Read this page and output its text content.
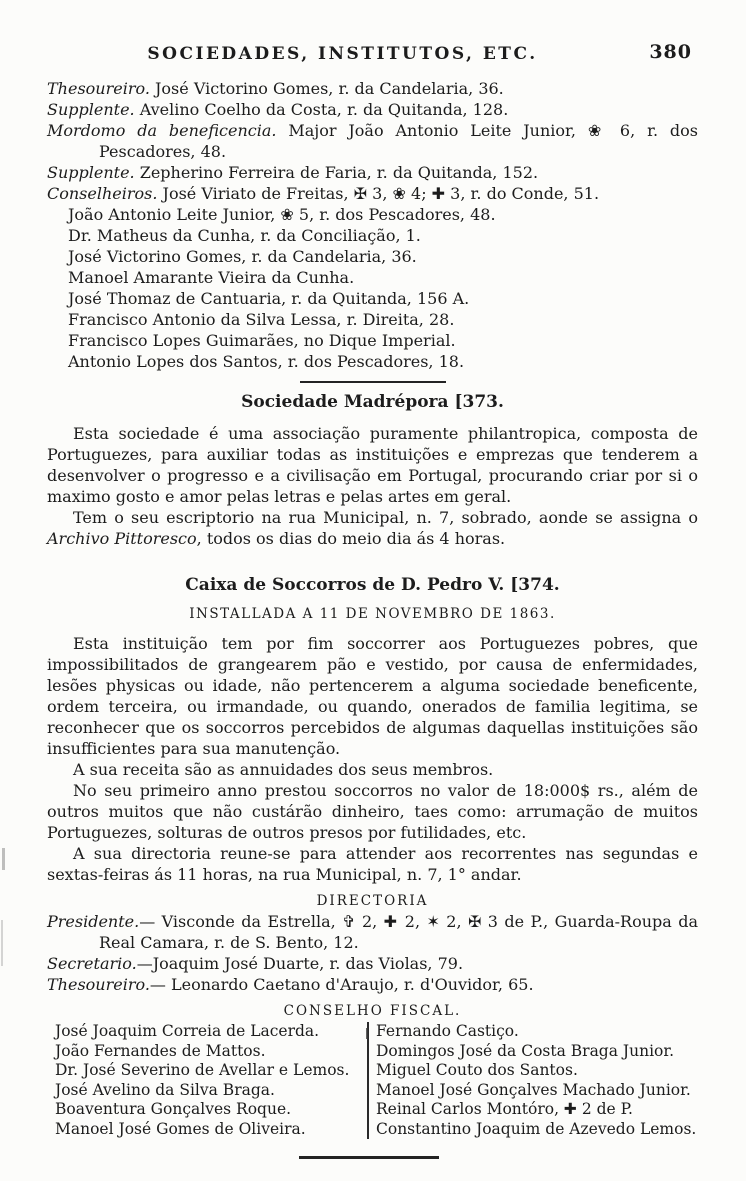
SOCIEDADES, INSTITUTOS, ETC.	380

Thesoureiro. José Victorino Gomes, r. da Candelaria, 36.

Supplente. Avelino Coelho da Costa, r. da Quitanda, 128.

Mordomo da beneficencia. Major João Antonio Leite Junior, ❀ 6, r. dos Pescadores, 48.

Supplente. Zepherino Ferreira de Faria, r. da Quitanda, 152.

Conselheiros. José Viriato de Freitas, ✠ 3, ❀ 4; ✚ 3, r. do Conde, 51.

João Antonio Leite Junior, ❀ 5, r. dos Pescadores, 48.

Dr. Matheus da Cunha, r. da Conciliação, 1.

José Victorino Gomes, r. da Candelaria, 36.

Manoel Amarante Vieira da Cunha.

José Thomaz de Cantuaria, r. da Quitanda, 156 A.

Francisco Antonio da Silva Lessa, r. Direita, 28.

Francisco Lopes Guimarães, no Dique Imperial.

Antonio Lopes dos Santos, r. dos Pescadores, 18.

Sociedade Madrépora [373.

Esta sociedade é uma associação puramente philantropica, composta de Portuguezes, para auxiliar todas as instituições e emprezas que tenderem a desenvolver o progresso e a civilisação em Portugal, procurando criar por si o maximo gosto e amor pelas letras e pelas artes em geral.

Tem o seu escriptorio na rua Municipal, n. 7, sobrado, aonde se assigna o Archivo Pittoresco, todos os dias do meio dia ás 4 horas.

Caixa de Soccorros de D. Pedro V. [374.
INSTALLADA A 11 DE NOVEMBRO DE 1863.

Esta instituição tem por fim soccorrer aos Portuguezes pobres, que impossibilitados de grangearem pão e vestido, por causa de enfermidades, lesões physicas ou idade, não pertencerem a alguma sociedade beneficente, ordem terceira, ou irmandade, ou quando, onerados de familia legitima, se reconhecer que os soccorros percebidos de algumas daquellas instituições são insufficientes para sua manutenção.

A sua receita são as annuidades dos seus membros.

No seu primeiro anno prestou soccorros no valor de 18:000$ rs., além de outros muitos que não custárão dinheiro, taes como: arrumação de muitos Portuguezes, solturas de outros presos por futilidades, etc.

A sua directoria reune-se para attender aos recorrentes nas segundas e sextas-feiras ás 11 horas, na rua Municipal, n. 7, 1° andar.

DIRECTORIA

Presidente.— Visconde da Estrella, ✞ 2, ✚ 2, ✶ 2, ✠ 3 de P., Guarda-Roupa da Real Camara, r. de S. Bento, 12.

Secretario.—Joaquim José Duarte, r. das Violas, 79.

Thesoureiro.— Leonardo Caetano d'Araujo, r. d'Ouvidor, 65.

CONSELHO FISCAL.

José Joaquim Correia de Lacerda.

João Fernandes de Mattos.

Dr. José Severino de Avellar e Lemos.

José Avelino da Silva Braga.

Boaventura Gonçalves Roque.

Manoel José Gomes de Oliveira.

Fernando Castiço.

Domingos José da Costa Braga Junior.

Miguel Couto dos Santos.

Manoel José Gonçalves Machado Junior.

Reinal Carlos Montóro, ✚ 2 de P.

Constantino Joaquim de Azevedo Lemos.
